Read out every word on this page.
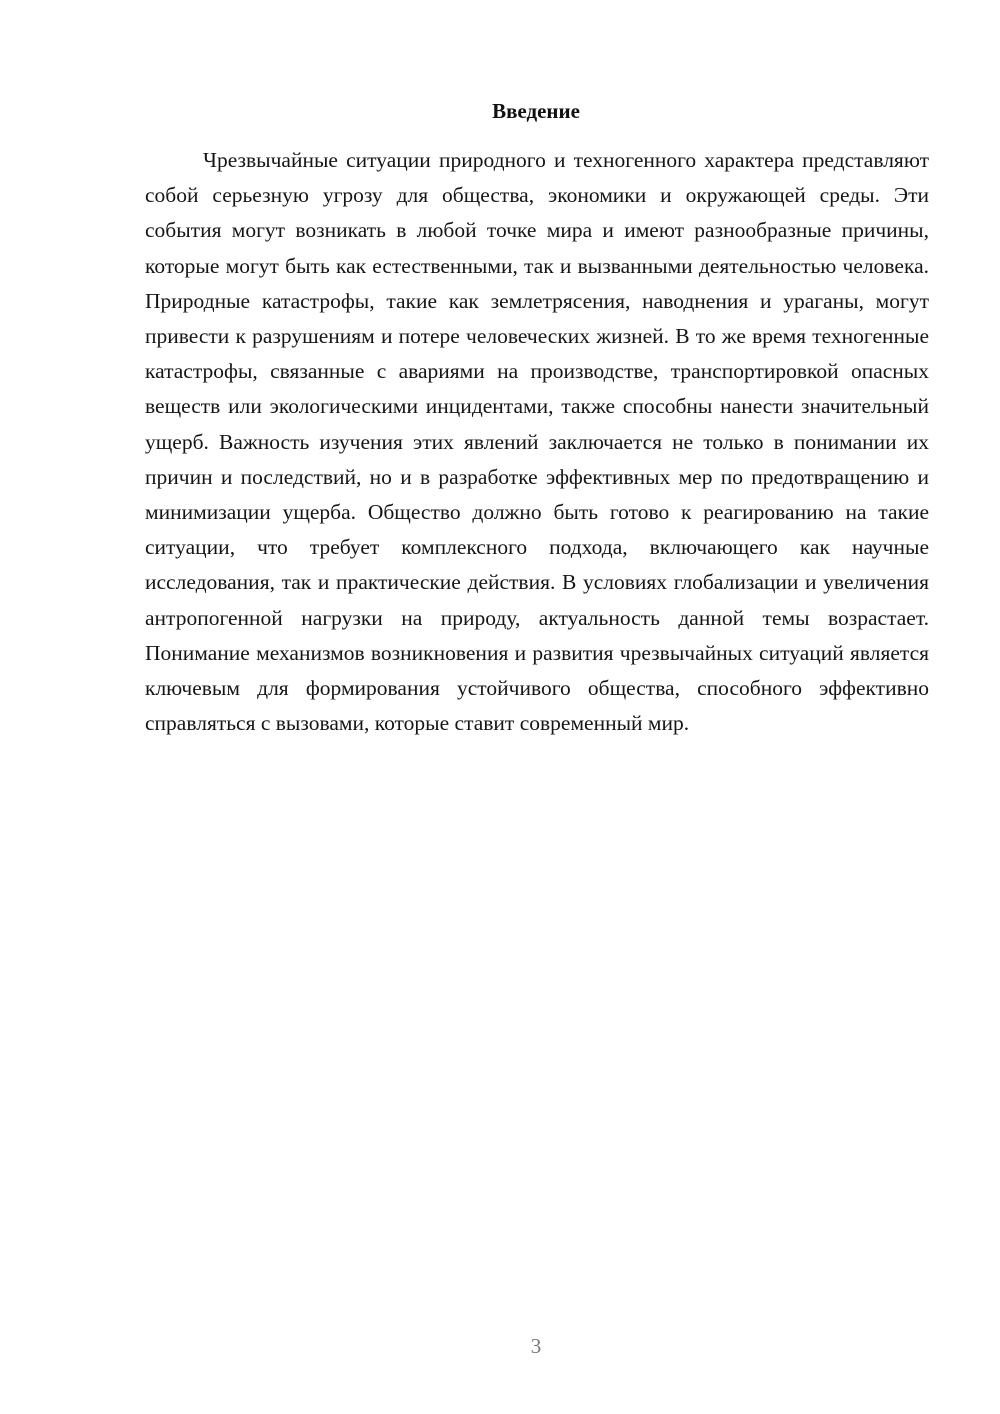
Введение

Чрезвычайные ситуации природного и техногенного характера представляют собой серьезную угрозу для общества, экономики и окружающей среды. Эти события могут возникать в любой точке мира и имеют разнообразные причины, которые могут быть как естественными, так и вызванными деятельностью человека. Природные катастрофы, такие как землетрясения, наводнения и ураганы, могут привести к разрушениям и потере человеческих жизней. В то же время техногенные катастрофы, связанные с авариями на производстве, транспортировкой опасных веществ или экологическими инцидентами, также способны нанести значительный ущерб. Важность изучения этих явлений заключается не только в понимании их причин и последствий, но и в разработке эффективных мер по предотвращению и минимизации ущерба. Общество должно быть готово к реагированию на такие ситуации, что требует комплексного подхода, включающего как научные исследования, так и практические действия. В условиях глобализации и увеличения антропогенной нагрузки на природу, актуальность данной темы возрастает. Понимание механизмов возникновения и развития чрезвычайных ситуаций является ключевым для формирования устойчивого общества, способного эффективно справляться с вызовами, которые ставит современный мир.

3
